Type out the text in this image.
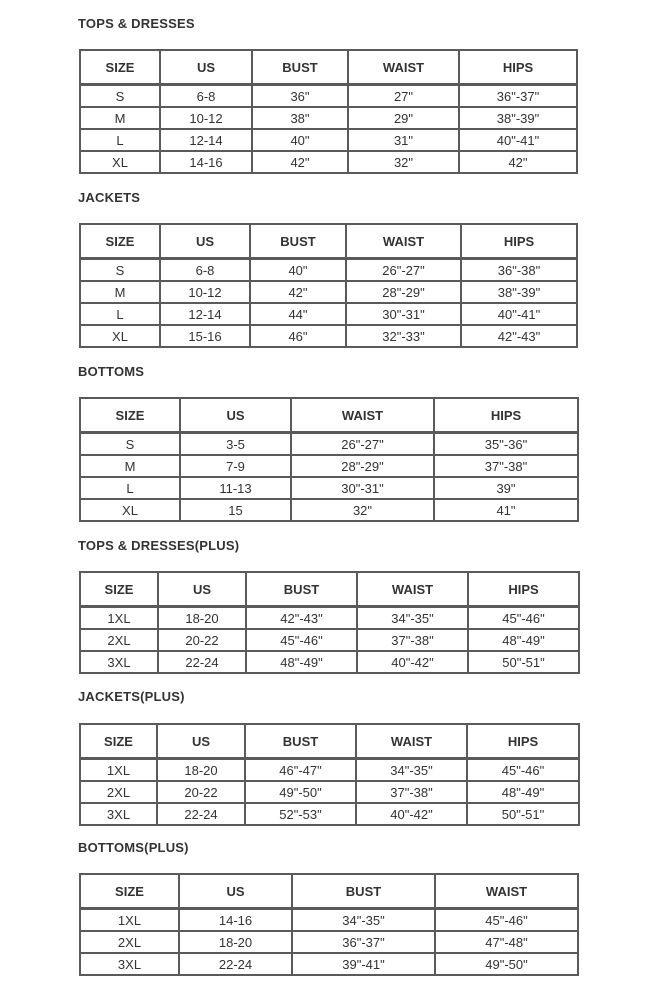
TOPS & DRESSES
SIZE	US	BUST	WAIST	HIPS
S	6-8	36"	27"	36"-37"
M	10-12	38"	29"	38"-39"
L	12-14	40"	31"	40"-41"
XL	14-16	42"	32"	42"
JACKETS
SIZE	US	BUST	WAIST	HIPS
S	6-8	40"	26"-27"	36"-38"
M	10-12	42"	28"-29"	38"-39"
L	12-14	44"	30"-31"	40"-41"
XL	15-16	46"	32"-33"	42"-43"
BOTTOMS
SIZE	US	WAIST	HIPS
S	3-5	26"-27"	35"-36"
M	7-9	28"-29"	37"-38"
L	11-13	30"-31"	39"
XL	15	32"	41"
TOPS & DRESSES(PLUS)
SIZE	US	BUST	WAIST	HIPS
1XL	18-20	42"-43"	34"-35"	45"-46"
2XL	20-22	45"-46"	37"-38"	48"-49"
3XL	22-24	48"-49"	40"-42"	50"-51"
JACKETS(PLUS)
SIZE	US	BUST	WAIST	HIPS
1XL	18-20	46"-47"	34"-35"	45"-46"
2XL	20-22	49"-50"	37"-38"	48"-49"
3XL	22-24	52"-53"	40"-42"	50"-51"
BOTTOMS(PLUS)
SIZE	US	BUST	WAIST
1XL	14-16	34"-35"	45"-46"
2XL	18-20	36"-37"	47"-48"
3XL	22-24	39"-41"	49"-50"
